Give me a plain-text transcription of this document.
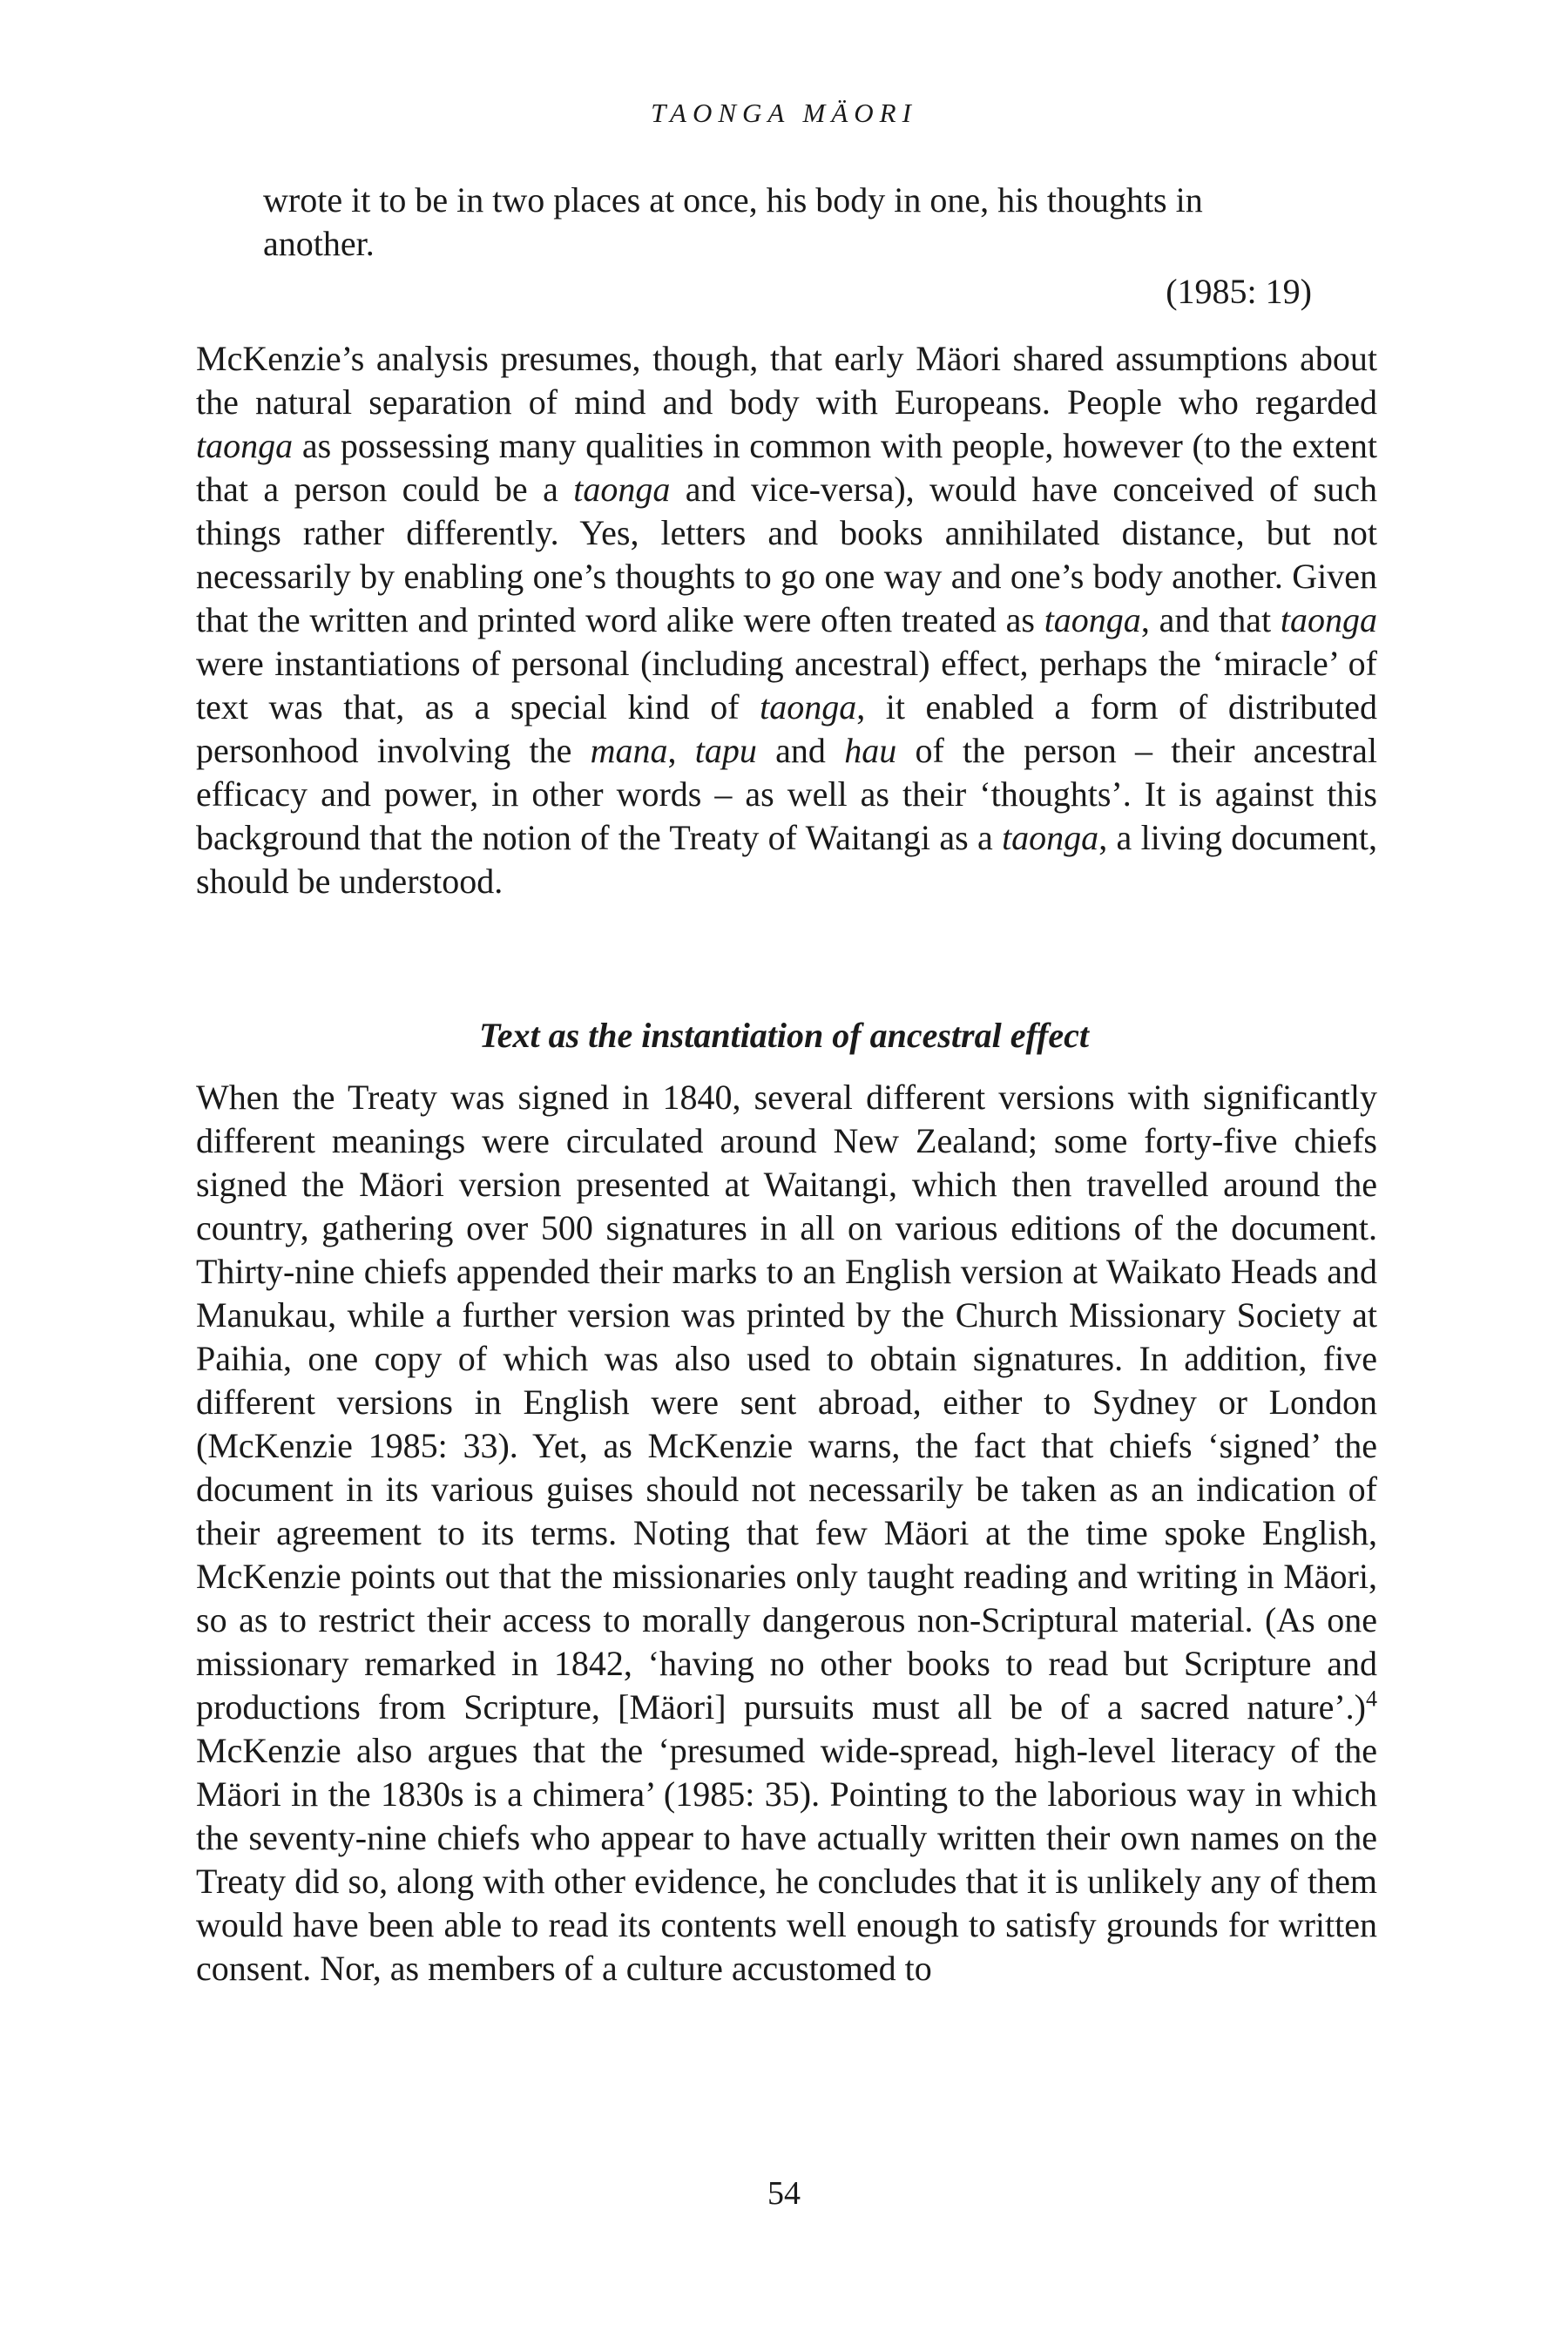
TAONGA MÄORI
wrote it to be in two places at once, his body in one, his thoughts in another.
(1985: 19)
McKenzie’s analysis presumes, though, that early Mäori shared assumptions about the natural separation of mind and body with Europeans. People who regarded taonga as possessing many qualities in common with people, however (to the extent that a person could be a taonga and vice-versa), would have conceived of such things rather differently. Yes, letters and books annihilated distance, but not necessarily by enabling one’s thoughts to go one way and one’s body another. Given that the written and printed word alike were often treated as taonga, and that taonga were instantiations of personal (including ancestral) effect, perhaps the ‘miracle’ of text was that, as a special kind of taonga, it enabled a form of distributed personhood involving the mana, tapu and hau of the person – their ancestral efficacy and power, in other words – as well as their ‘thoughts’. It is against this background that the notion of the Treaty of Waitangi as a taonga, a living document, should be understood.
Text as the instantiation of ancestral effect
When the Treaty was signed in 1840, several different versions with significantly different meanings were circulated around New Zealand; some forty-five chiefs signed the Mäori version presented at Waitangi, which then travelled around the country, gathering over 500 signatures in all on various editions of the document. Thirty-nine chiefs appended their marks to an English version at Waikato Heads and Manukau, while a further version was printed by the Church Missionary Society at Paihia, one copy of which was also used to obtain signatures. In addition, five different versions in English were sent abroad, either to Sydney or London (McKenzie 1985: 33). Yet, as McKenzie warns, the fact that chiefs ‘signed’ the document in its various guises should not necessarily be taken as an indication of their agreement to its terms. Noting that few Mäori at the time spoke English, McKenzie points out that the missionaries only taught reading and writing in Mäori, so as to restrict their access to morally dangerous non-Scriptural material. (As one missionary remarked in 1842, ‘having no other books to read but Scripture and productions from Scripture, [Mäori] pursuits must all be of a sacred nature’.)$^4$ McKenzie also argues that the ‘presumed wide-spread, high-level literacy of the Mäori in the 1830s is a chimera’ (1985: 35). Pointing to the laborious way in which the seventy-nine chiefs who appear to have actually written their own names on the Treaty did so, along with other evidence, he concludes that it is unlikely any of them would have been able to read its contents well enough to satisfy grounds for written consent. Nor, as members of a culture accustomed to
54
